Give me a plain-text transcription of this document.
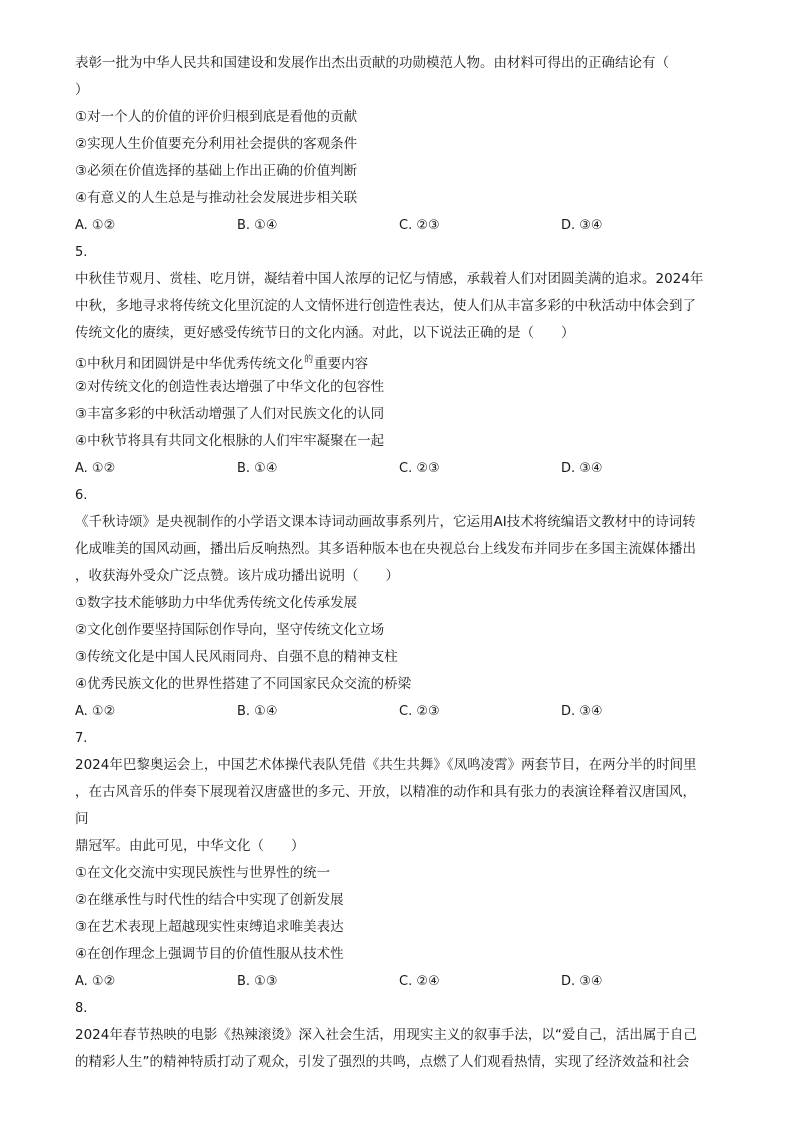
表彰一批为中华人民共和国建设和发展作出杰出贡献的功勋模范人物。由材料可得出的正确结论有（
）
①对一个人的价值的评价归根到底是看他的贡献
②实现人生价值要充分利用社会提供的客观条件
③必须在价值选择的基础上作出正确的价值判断
④有意义的人生总是与推动社会发展进步相关联
A. ①②	B. ①④	C. ②③	D. ③④
5.
中秋佳节观月、赏桂、吃月饼，凝结着中国人浓厚的记忆与情感，承载着人们对团圆美满的追求。2024年
中秋，多地寻求将传统文化里沉淀的人文情怀进行创造性表达，使人们从丰富多彩的中秋活动中体会到了
传统文化的赓续，更好感受传统节日的文化内涵。对此，以下说法正确的是（　　）
①中秋月和团圆饼是中华优秀传统文化$^的$重要内容
②对传统文化的创造性表达增强了中华文化的包容性
③丰富多彩的中秋活动增强了人们对民族文化的认同
④中秋节将具有共同文化根脉的人们牢牢凝聚在一起
A. ①②	B. ①④	C. ②③	D. ③④
6.
《千秋诗颂》是央视制作的小学语文课本诗词动画故事系列片，它运用AI技术将统编语文教材中的诗词转
化成唯美的国风动画，播出后反响热烈。其多语种版本也在央视总台上线发布并同步在多国主流媒体播出
，收获海外受众广泛点赞。该片成功播出说明（　　）
①数字技术能够助力中华优秀传统文化传承发展
②文化创作要坚持国际创作导向，坚守传统文化立场
③传统文化是中国人民风雨同舟、自强不息的精神支柱
④优秀民族文化的世界性搭建了不同国家民众交流的桥梁
A. ①②	B. ①④	C. ②③	D. ③④
7.
2024年巴黎奥运会上，中国艺术体操代表队凭借《共生共舞》《凤鸣凌霄》两套节目，在两分半的时间里
，在古风音乐的伴奏下展现着汉唐盛世的多元、开放，以精准的动作和具有张力的表演诠释着汉唐国风，
问
鼎冠军。由此可见，中华文化（　　）
①在文化交流中实现民族性与世界性的统一
②在继承性与时代性的结合中实现了创新发展
③在艺术表现上超越现实性束缚追求唯美表达
④在创作理念上强调节目的价值性服从技术性
A. ①②	B. ①③	C. ②④	D. ③④
8.
2024年春节热映的电影《热辣滚烫》深入社会生活，用现实主义的叙事手法，以“爱自己，活出属于自己
的精彩人生”的精神特质打动了观众，引发了强烈的共鸣，点燃了人们观看热情，实现了经济效益和社会
